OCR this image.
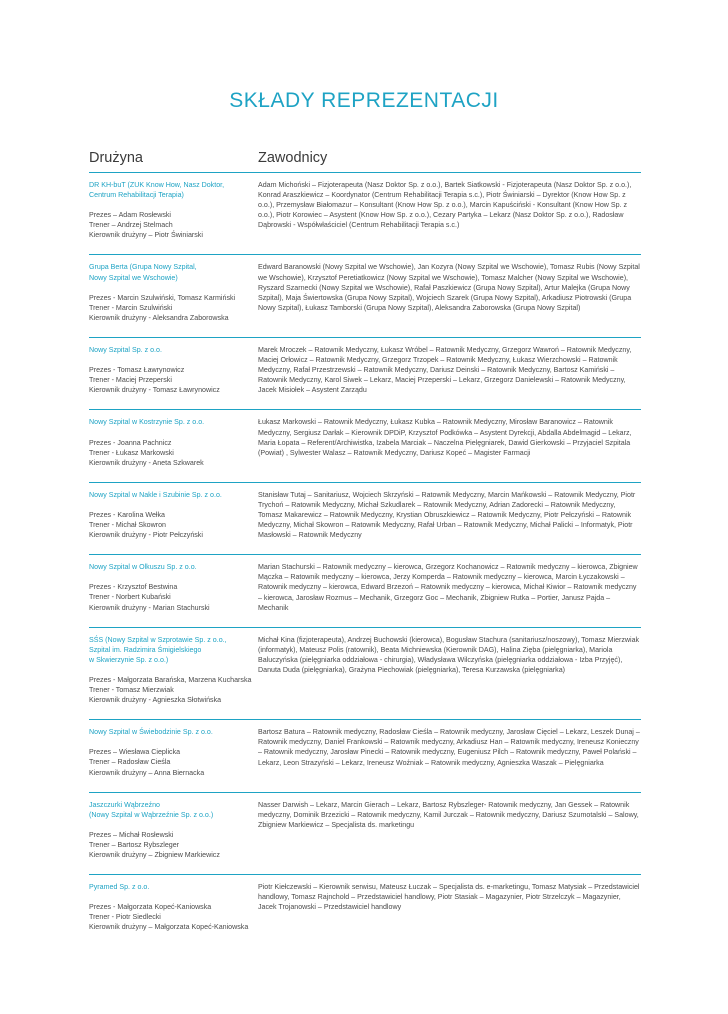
SKŁADY REPREZENTACJI
Drużyna	Zawodnicy
DR KH-buT (ZUK Know How, Nasz Doktor,
Centrum Rehabilitacji Terapia)
Prezes – Adam Rosłewski
Trener – Andrzej Stelmach
Kierownik drużyny – Piotr Świniarski
Adam Michoński – Fizjoterapeuta (Nasz Doktor Sp. z o.o.), Bartek Siatkowski - Fizjoterapeuta (Nasz Doktor Sp. z o.o.), Konrad Araszkiewicz – Koordynator (Centrum Rehabilitacji Terapia s.c.), Piotr Świniarski – Dyrektor (Know How Sp. z o.o.), Przemysław Białomazur – Konsultant (Know How Sp. z o.o.), Marcin Kapuściński - Konsultant (Know How Sp. z o.o.), Piotr Korowiec – Asystent (Know How Sp. z o.o.), Cezary Partyka – Lekarz (Nasz Doktor Sp. z o.o.), Radosław Dąbrowski - Współwłaściciel (Centrum Rehabilitacji Terapia s.c.)
Grupa Berta (Grupa Nowy Szpital,
Nowy Szpital we Wschowie)
Prezes - Marcin Szulwiński, Tomasz Karmiński
Trener - Marcin Szulwiński
Kierownik drużyny - Aleksandra Zaborowska
Edward Baranowski (Nowy Szpital we Wschowie), Jan Kozyra (Nowy Szpital we Wschowie), Tomasz Rubis (Nowy Szpital we Wschowie), Krzysztof Peretiatkowicz (Nowy Szpital we Wschowie), Tomasz Malcher (Nowy Szpital we Wschowie), Ryszard Szarnecki (Nowy Szpital we Wschowie), Rafał Paszkiewicz (Grupa Nowy Szpital), Artur Malejka (Grupa Nowy Szpital), Maja Świertowska (Grupa Nowy Szpital), Wojciech Szarek (Grupa Nowy Szpital), Arkadiusz Piotrowski (Grupa Nowy Szpital), Łukasz Tamborski (Grupa Nowy Szpital), Aleksandra Zaborowska (Grupa Nowy Szpital)
Nowy Szpital Sp. z o.o.
Prezes - Tomasz Ławrynowicz
Trener - Maciej Przeperski
Kierownik drużyny - Tomasz Ławrynowicz
Marek Mroczek – Ratownik Medyczny, Łukasz Wróbel – Ratownik Medyczny, Grzegorz Wawroń – Ratownik Medyczny, Maciej Orłowicz – Ratownik Medyczny, Grzegorz Trzopek – Ratownik Medyczny, Łukasz Wierzchowski – Ratownik Medyczny, Rafał Przestrzewski – Ratownik Medyczny, Dariusz Deinski – Ratownik Medyczny, Bartosz Kamiński – Ratownik Medyczny, Karol Siwek – Lekarz, Maciej Przeperski – Lekarz, Grzegorz Danielewski – Ratownik Medyczny, Jacek Misiołek – Asystent Zarządu
Nowy Szpital w Kostrzynie Sp. z o.o.
Prezes - Joanna Pachnicz
Trener - Łukasz Markowski
Kierownik drużyny - Aneta Szkwarek
Łukasz Markowski – Ratownik Medyczny, Łukasz Kubka – Ratownik Medyczny, Mirosław Baranowicz – Ratownik Medyczny, Sergiusz Darłak – Kierownik DPDiP, Krzysztof Podkówka – Asystent Dyrekcji, Abdalla Abdelmagid – Lekarz, Maria Łopata – Referent/Archiwistka, Izabela Marciak – Naczelna Pielęgniarek, Dawid Gierkowski – Przyjaciel Szpitala (Powiat) , Sylwester Walasz – Ratownik Medyczny, Dariusz Kopeć – Magister Farmacji
Nowy Szpital w Nakle i Szubinie Sp. z o.o.
Prezes - Karolina Wełka
Trener - Michał Skowron
Kierownik drużyny - Piotr Pełczyński
Stanisław Tutaj – Sanitariusz, Wojciech Skrzyński – Ratownik Medyczny, Marcin Mańkowski – Ratownik Medyczny, Piotr Trychoń – Ratownik Medyczny, Michał Szkudlarek – Ratownik Medyczny, Adrian Zadorecki – Ratownik Medyczny, Tomasz Makarewicz – Ratownik Medyczny, Krystian Obruszkiewicz – Ratownik Medyczny, Piotr Pełczyński – Ratownik Medyczny, Michał Skowron – Ratownik Medyczny, Rafał Urban – Ratownik Medyczny, Michał Palicki – Informatyk, Piotr Masłowski – Ratownik Medyczny
Nowy Szpital w Olkuszu Sp. z o.o.
Prezes - Krzysztof Bestwina
Trener - Norbert Kubański
Kierownik drużyny - Marian Stachurski
Marian Stachurski – Ratownik medyczny – kierowca, Grzegorz Kochanowicz – Ratownik medyczny – kierowca, Zbigniew Mączka – Ratownik medyczny – kierowca, Jerzy Komperda – Ratownik medyczny – kierowca, Marcin Łyczakowski – Ratownik medyczny – kierowca, Edward Brzezoń – Ratownik medyczny – kierowca, Michał Kiwior – Ratownik medyczny – kierowca, Jarosław Rozmus – Mechanik, Grzegorz Goc – Mechanik, Zbigniew Rutka – Portier, Janusz Pajda – Mechanik
SŚS (Nowy Szpital w Szprotawie Sp. z o.o.,
Szpital im. Radzimira Śmigielskiego
w Skwierzynie Sp. z o.o.)
Prezes - Małgorzata Barańska, Marzena Kucharska
Trener - Tomasz Mierzwiak
Kierownik drużyny - Agnieszka Słotwińska
Michał Kina (fizjoterapeuta), Andrzej Buchowski (kierowca), Bogusław Stachura (sanitariusz/noszowy), Tomasz Mierzwiak (informatyk), Mateusz Polis (ratownik), Beata Michniewska (Kierownik DAG), Halina Zięba (pielęgniarka), Mariola Baluczyńska (pielęgniarka oddziałowa - chirurgia), Władysława Wilczyńska (pielęgniarka oddziałowa - Izba Przyjęć), Danuta Duda (pielęgniarka), Grażyna Piechowiak (pielęgniarka), Teresa Kurzawska (pielęgniarka)
Nowy Szpital w Świebodzinie Sp. z o.o.
Prezes – Wiesława Cieplicka
Trener – Radosław Cieśla
Kierownik drużyny – Anna Biernacka
Bartosz Batura – Ratownik medyczny, Radosław Cieśla – Ratownik medyczny, Jarosław Cięciel – Lekarz, Leszek Dunaj – Ratownik medyczny, Daniel Frankowski – Ratownik medyczny, Arkadiusz Han – Ratownik medyczny, Ireneusz Konieczny – Ratownik medyczny, Jarosław Pinecki – Ratownik medyczny, Eugeniusz Pilch – Ratownik medyczny, Paweł Polański – Lekarz, Leon Strazyński – Lekarz, Ireneusz Woźniak – Ratownik medyczny, Agnieszka Waszak – Pielęgniarka
Jaszczurki Wąbrzeźno
(Nowy Szpital w Wąbrzeźnie Sp. z o.o.)
Prezes – Michał Rosłewski
Trener – Bartosz Rybszleger
Kierownik drużyny – Zbigniew Markiewicz
Nasser Darwish – Lekarz, Marcin Gierach – Lekarz, Bartosz Rybszleger- Ratownik medyczny, Jan Gessek – Ratownik medyczny, Dominik Brzezicki – Ratownik medyczny, Kamil Jurczak – Ratownik medyczny, Dariusz Szumotalski – Salowy, Zbigniew Markiewicz – Specjalista ds. marketingu
Pyramed Sp. z o.o.
Prezes - Małgorzata Kopeć-Kaniowska
Trener - Piotr Siedlecki
Kierownik drużyny – Małgorzata Kopeć-Kaniowska
Piotr Kiełczewski – Kierownik serwisu, Mateusz Łuczak – Specjalista ds. e-marketingu, Tomasz Matysiak – Przedstawiciel handlowy, Tomasz Rajnchold – Przedstawiciel handlowy, Piotr Stasiak – Magazynier, Piotr Strzelczyk – Magazynier, Jacek Trojanowski – Przedstawiciel handlowy
